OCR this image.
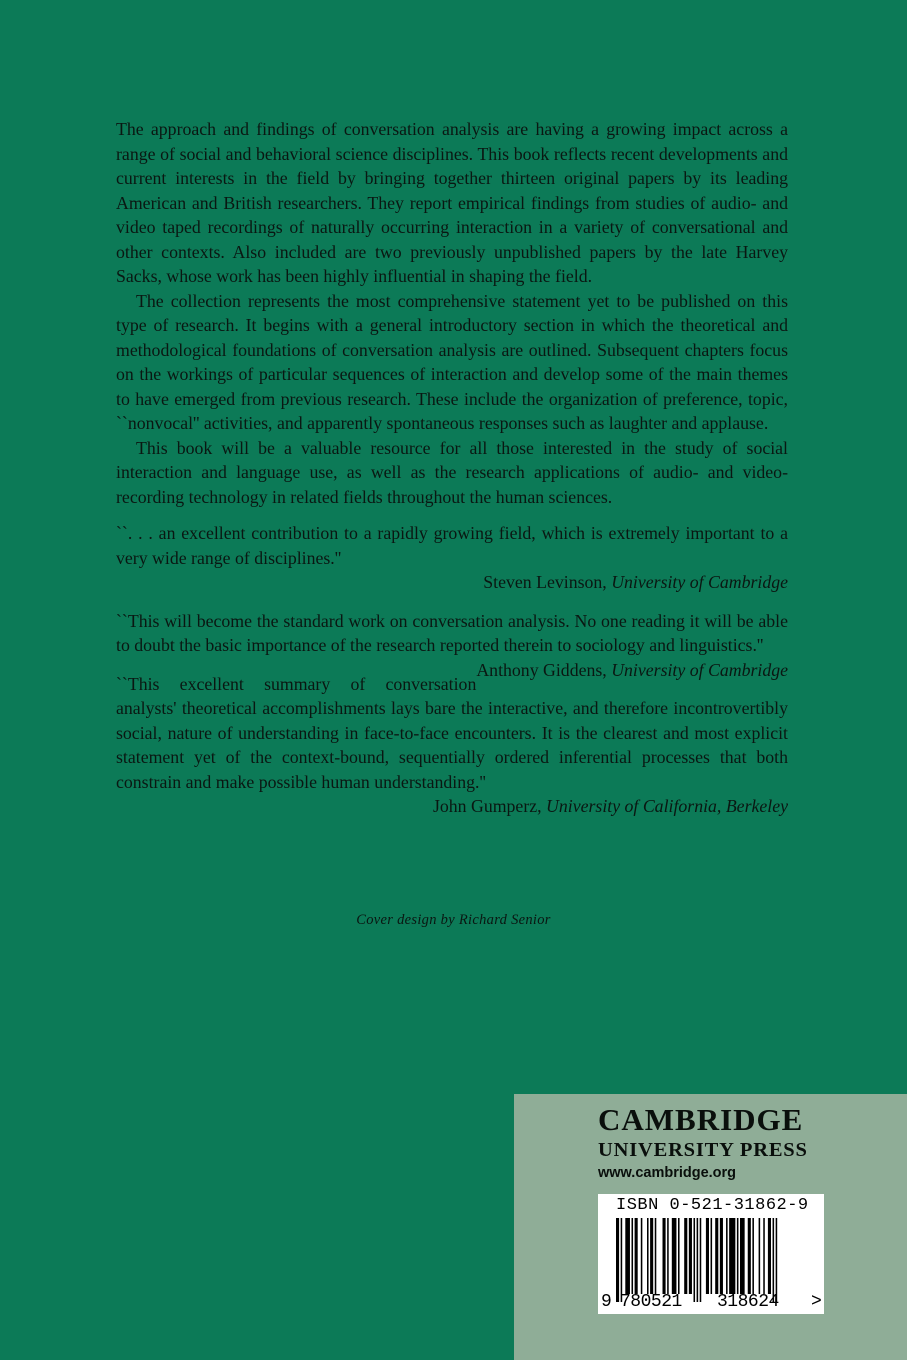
The approach and findings of conversation analysis are having a growing impact across a range of social and behavioral science disciplines. This book reflects recent developments and current interests in the field by bringing together thirteen original papers by its leading American and British researchers. They report empirical findings from studies of audio- and video taped recordings of naturally occurring interaction in a variety of conversational and other contexts. Also included are two previously unpublished papers by the late Harvey Sacks, whose work has been highly influential in shaping the field.

The collection represents the most comprehensive statement yet to be published on this type of research. It begins with a general introductory section in which the theoretical and methodological foundations of conversation analysis are outlined. Subsequent chapters focus on the workings of particular sequences of interaction and develop some of the main themes to have emerged from previous research. These include the organization of preference, topic, ``nonvocal'' activities, and apparently spontaneous responses such as laughter and applause.

This book will be a valuable resource for all those interested in the study of social interaction and language use, as well as the research applications of audio- and video-recording technology in related fields throughout the human sciences.

``. . . an excellent contribution to a rapidly growing field, which is extremely important to a very wide range of disciplines.''

Steven Levinson, University of Cambridge

``This will become the standard work on conversation analysis. No one reading it will be able to doubt the basic importance of the research reported therein to sociology and linguistics.''
Anthony Giddens, University of Cambridge

``This excellent summary of conversation analysts' theoretical accomplishments lays bare the interactive, and therefore incontrovertibly social, nature of understanding in face-to-face encounters. It is the clearest and most explicit statement yet of the context-bound, sequentially ordered inferential processes that both constrain and make possible human understanding.''

John Gumperz, University of California, Berkeley

Cover design by Richard Senior
CAMBRIDGE
UNIVERSITY PRESS
www.cambridge.org
ISBN 0-521-31862-9
9 780521 318624 >
